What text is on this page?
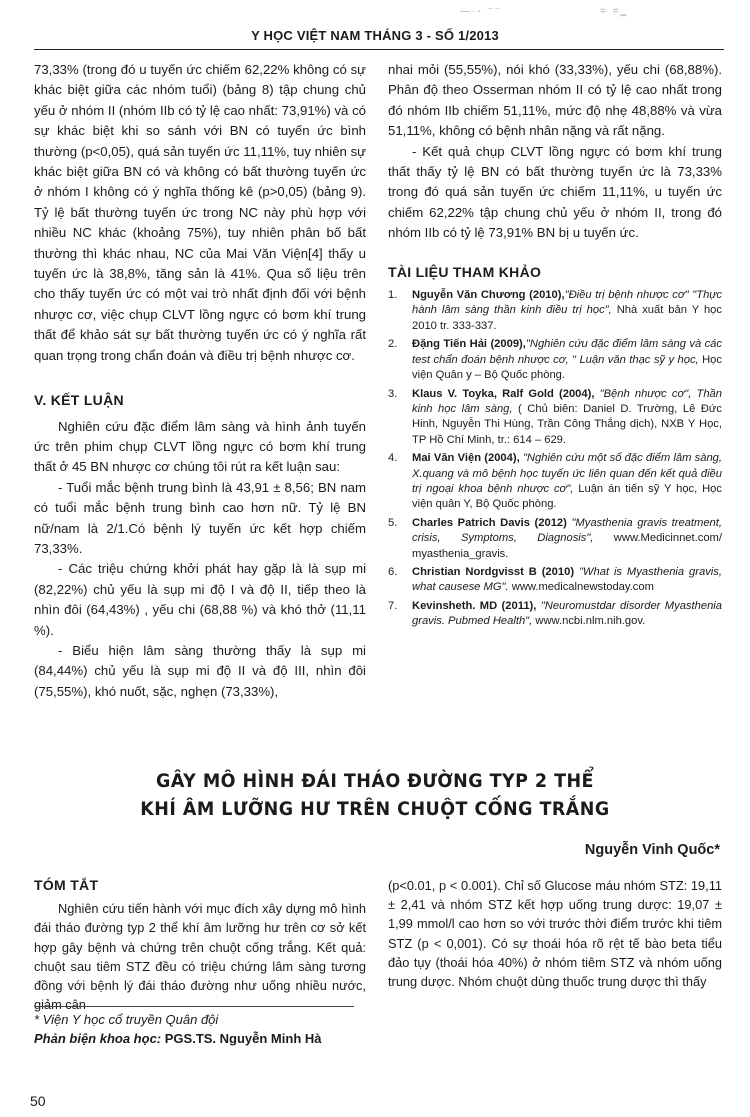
—·- ⁻⁻	= =‗
Y HỌC VIỆT NAM THÁNG 3 - SỐ 1/2013

73,33% (trong đó u tuyến ức chiếm 62,22% không có sự khác biệt giữa các nhóm tuổi) (bảng 8) tập chung chủ yếu ở nhóm II (nhóm IIb có tỷ lệ cao nhất: 73,91%) và có sự khác biệt khi so sánh với BN có tuyến ức bình thường (p<0,05), quá sản tuyến ức 11,11%, tuy nhiên sự khác biệt giữa BN có và không có bất thường tuyến ức ở nhóm I không có ý nghĩa thống kê (p>0,05) (bảng 9). Tỷ lệ bất thường tuyến ức trong NC này phù hợp với nhiều NC khác (khoảng 75%), tuy nhiên phân bố bất thường thì khác nhau, NC của Mai Văn Viện[4] thấy u tuyến ức là 38,8%, tăng sản là 41%. Qua số liệu trên cho thấy tuyến ức có một vai trò nhất định đối với bệnh nhược cơ, việc chụp CLVT lồng ngực có bơm khí trung thất để khảo sát sự bất thường tuyến ức có ý nghĩa rất quan trọng trong chẩn đoán và điều trị bệnh nhược cơ.

V. KẾT LUẬN

Nghiên cứu đặc điểm lâm sàng và hình ảnh tuyến ức trên phim chụp CLVT lồng ngực có bơm khí trung thất ở 45 BN nhược cơ chúng tôi rút ra kết luận sau:

- Tuổi mắc bệnh trung bình là 43,91 ± 8,56; BN nam có tuổi mắc bệnh trung bình cao hơn nữ. Tỷ lệ BN nữ/nam là 2/1.Có bệnh lý tuyến ức kết hợp chiếm 73,33%.

- Các triệu chứng khởi phát hay gặp là là sụp mi (82,22%) chủ yếu là sụp mi độ I và độ II, tiếp theo là nhìn đôi (64,43%) , yếu chi (68,88 %) và khó thở (11,11 %).

- Biểu hiện lâm sàng thường thấy là sụp mi (84,44%) chủ yếu là sụp mi độ II và độ III, nhìn đôi (75,55%), khó nuốt, sặc, nghẹn (73,33%),

nhai mỏi (55,55%), nói khó (33,33%), yếu chi (68,88%). Phân độ theo Osserman nhóm II có tỷ lệ cao nhất trong đó nhóm IIb chiếm 51,11%, mức độ nhẹ 48,88% và vừa 51,11%, không có bệnh nhân nặng và rất nặng.

- Kết quả chụp CLVT lồng ngực có bơm khí trung thất thấy tỷ lệ BN có bất thường tuyến ức là 73,33% trong đó quá sản tuyến ức chiếm 11,11%, u tuyến ức chiếm 62,22% tập chung chủ yếu ở nhóm II, trong đó nhóm IIb có tỷ lệ 73,91% BN bị u tuyến ức.

TÀI LIỆU THAM KHẢO

1.	Nguyễn Văn Chương (2010),"Điều trị bệnh nhược cơ" "Thực hành lâm sàng thần kinh điều trị học", Nhà xuất bản Y học 2010 tr. 333-337.
2.	Đặng Tiến Hải (2009),"Nghiên cứu đặc điểm lâm sàng và các test chẩn đoán bệnh nhược cơ, " Luận văn thạc sỹ y học, Học viện Quân y – Bộ Quốc phòng.
3.	Klaus V. Toyka, Ralf Gold (2004), "Bệnh nhược cơ", Thần kinh học lâm sàng, ( Chủ biên: Daniel D. Trường, Lê Đức Hinh, Nguyễn Thi Hùng, Trần Công Thắng dịch), NXB Y Học, TP Hồ Chí Minh, tr.: 614 – 629.
4.	Mai Văn Viện (2004), "Nghiên cứu một số đặc điểm lâm sàng, X.quang và mô bệnh học tuyến ức liên quan đến kết quả điều trị ngoại khoa bệnh nhược cơ", Luận án tiến sỹ Y học, Học viện quân Y, Bộ Quốc phòng.
5.	Charles Patrich Davis (2012) "Myasthenia gravis treatment, crisis, Symptoms, Diagnosis", www.Medicinnet.com/ myasthenia_gravis.
6.	Christian Nordgvisst B (2010) "What is Myasthenia gravis, what causese MG". www.medicalnewstoday.com
7.	Kevinsheth. MD (2011), "Neuromustdar disorder Myasthenia gravis. Pubmed Health", www.ncbi.nlm.nih.gov.
GÂY MÔ HÌNH ĐÁI THÁO ĐƯỜNG TYP 2 THỂ
KHÍ ÂM LƯỠNG HƯ TRÊN CHUỘT CỐNG TRẮNG
Nguyễn Vinh Quốc*

TÓM TẮT

Nghiên cứu tiến hành với mục đích xây dựng mô hình đái tháo đường typ 2 thể khí âm lưỡng hư trên cơ sở kết hợp gây bệnh và chứng trên chuột cống trắng. Kết quả: chuột sau tiêm STZ đều có triệu chứng lâm sàng tương đồng với bệnh lý đái tháo đường như uống nhiều nước, giảm cân

(p<0.01, p < 0.001). Chỉ số Glucose máu nhóm STZ: 19,11 ± 2,41 và nhóm STZ kết hợp uống trung dược: 19,07 ± 1,99 mmol/l cao hơn so với trước thời điểm trước khi tiêm STZ (p < 0,001). Có sự thoái hóa rõ rệt tế bào beta tiểu đảo tụy (thoái hóa 40%) ở nhóm tiêm STZ và nhóm uống trung dược. Nhóm chuột dùng thuốc trung dược thì thấy

* Viện Y học cổ truyền Quân đội
Phản biện khoa học: PGS.TS. Nguyễn Minh Hà
50
